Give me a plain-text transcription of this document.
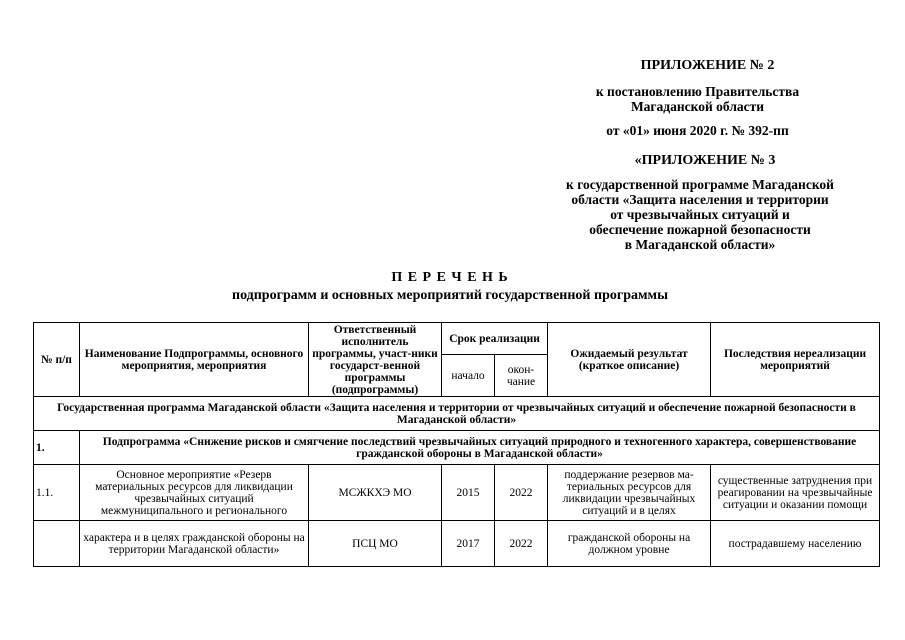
ПРИЛОЖЕНИЕ № 2
к постановлению Правительства
Магаданской области
от «01» июня 2020 г. № 392-пп
«ПРИЛОЖЕНИЕ № 3
к государственной программе Магаданской
области «Защита населения и территории
от чрезвычайных ситуаций и
обеспечение пожарной безопасности
в Магаданской области»
П Е Р Е Ч Е Н Ь
подпрограмм и основных мероприятий государственной программы
№ п/п	Наименование Подпрограммы, основного мероприятия, мероприятия	Ответственный исполнитель программы, участ-ники государст-венной программы (подпрограммы)	Срок реализации		Ожидаемый результат (краткое описание)	Последствия нереализации мероприятий
			начало	окон-чание		
Государственная программа Магаданской области «Защита населения и территории от чрезвычайных ситуаций и обеспечение пожарной безопасности в Магаданской области»						
1.	Подпрограмма «Снижение рисков и смягчение последствий чрезвычайных ситуаций природного и техногенного характера, совершенствование гражданской обороны в Магаданской области»					
1.1.	Основное мероприятие «Резерв материальных ресурсов для ликвидации чрезвычайных ситуаций межмуниципального и регионального	МСЖКХЭ МО	2015	2022	поддержание резервов ма-териальных ресурсов для ликвидации чрезвычайных ситуаций и в целях	существенные затруднения при реагировании на чрезвычайные ситуации и оказании помощи
	характера и в целях гражданской обороны на территории Магаданской области»	ПСЦ МО	2017	2022	гражданской обороны на должном уровне	пострадавшему населению
